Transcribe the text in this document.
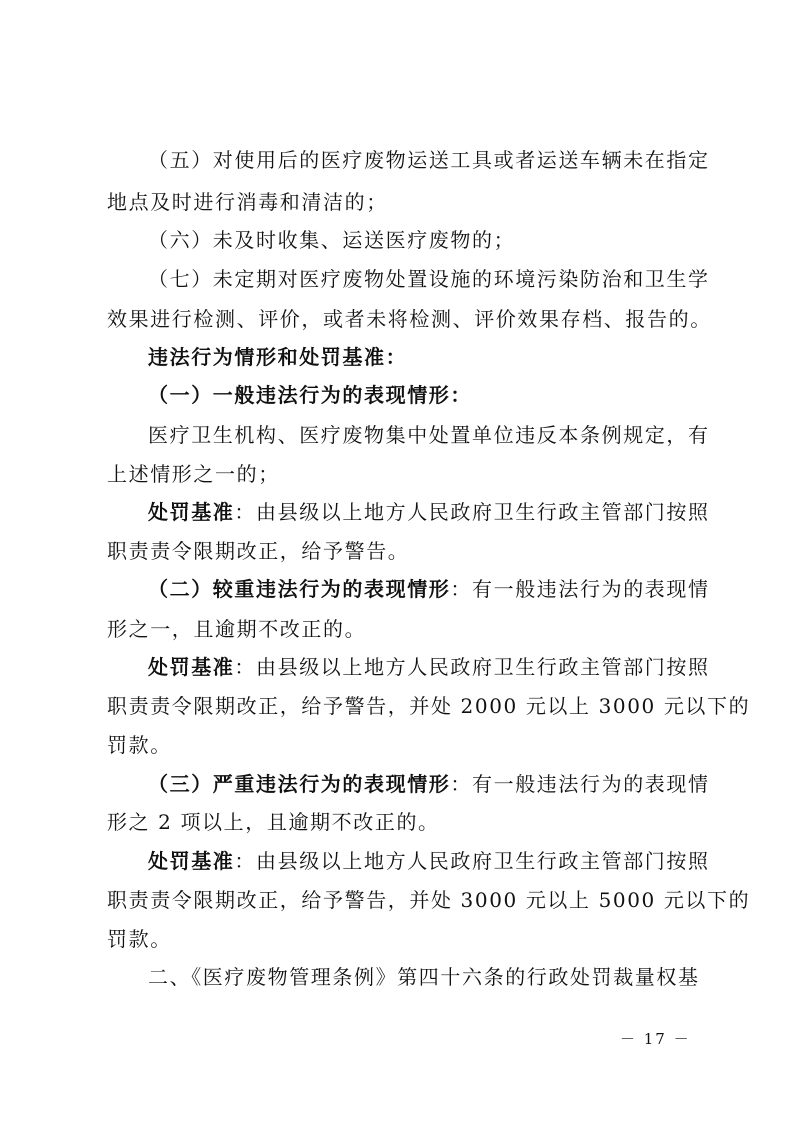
（五）对使用后的医疗废物运送工具或者运送车辆未在指定

地点及时进行消毒和清洁的；

（六）未及时收集、运送医疗废物的；

（七）未定期对医疗废物处置设施的环境污染防治和卫生学

效果进行检测、评价，或者未将检测、评价效果存档、报告的。

违法行为情形和处罚基准：

（一）一般违法行为的表现情形：

医疗卫生机构、医疗废物集中处置单位违反本条例规定，有

上述情形之一的；

处罚基准：由县级以上地方人民政府卫生行政主管部门按照

职责责令限期改正，给予警告。

（二）较重违法行为的表现情形：有一般违法行为的表现情

形之一，且逾期不改正的。

处罚基准：由县级以上地方人民政府卫生行政主管部门按照

职责责令限期改正，给予警告，并处 2000 元以上 3000 元以下的

罚款。

（三）严重违法行为的表现情形：有一般违法行为的表现情

形之 2 项以上，且逾期不改正的。

处罚基准：由县级以上地方人民政府卫生行政主管部门按照

职责责令限期改正，给予警告，并处 3000 元以上 5000 元以下的

罚款。

二、《医疗废物管理条例》第四十六条的行政处罚裁量权基

－ 17 －
